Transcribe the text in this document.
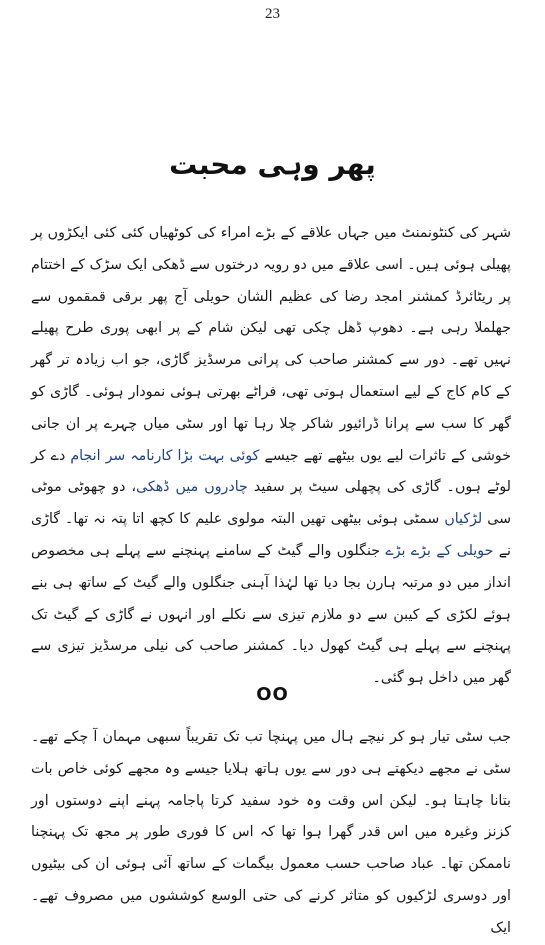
23
پھر وہی محبت

شہر کی کنٹونمنٹ میں جہاں علاقے کے بڑے امراء کی کوٹھیاں کئی کئی ایکڑوں پر پھیلی ہوئی ہیں۔ اسی علاقے میں دو رویہ درختوں سے ڈھکی ایک سڑک کے اختتام پر ریٹائرڈ کمشنر امجد رضا کی عظیم الشان حویلی آج پھر برقی قمقموں سے جھلملا رہی ہے۔ دھوپ ڈھل چکی تھی لیکن شام کے پر ابھی پوری طرح پھیلے نہیں تھے۔ دور سے کمشنر صاحب کی پرانی مرسڈیز گاڑی، جو اب زیادہ تر گھر کے کام کاج کے لیے استعمال ہوتی تھی، فراٹے بھرتی ہوئی نمودار ہوئی۔ گاڑی کو گھر کا سب سے پرانا ڈرائیور شاکر چلا رہا تھا اور سٹی میاں چہرے پر ان جانی خوشی کے تاثرات لیے یوں بیٹھے تھے جیسے کوئی بہت بڑا کارنامہ سر انجام دے کر لوٹے ہوں۔ گاڑی کی پچھلی سیٹ پر سفید چادروں میں ڈھکی، دو چھوٹی موٹی سی لڑکیاں سمٹی ہوئی بیٹھی تھیں البتہ مولوی علیم کا کچھ اتا پتہ نہ تھا۔ گاڑی نے حویلی کے بڑے بڑے جنگلوں والے گیٹ کے سامنے پہنچنے سے پہلے ہی مخصوص انداز میں دو مرتبہ ہارن بجا دیا تھا لہٰذا آہنی جنگلوں والے گیٹ کے ساتھ ہی بنے ہوئے لکڑی کے کیبن سے دو ملازم تیزی سے نکلے اور انہوں نے گاڑی کے گیٹ تک پہنچنے سے پہلے ہی گیٹ کھول دیا۔ کمشنر صاحب کی نیلی مرسڈیز تیزی سے گھر میں داخل ہو گئی۔

OO

جب سٹی تیار ہو کر نیچے ہال میں پہنچا تب تک تقریباً سبھی مہمان آ چکے تھے۔ سٹی نے مجھے دیکھتے ہی دور سے یوں ہاتھ ہلایا جیسے وہ مجھے کوئی خاص بات بتانا چاہتا ہو۔ لیکن اس وقت وہ خود سفید کرتا پاجامہ پہنے اپنے دوستوں اور کزنز وغیرہ میں اس قدر گھرا ہوا تھا کہ اس کا فوری طور پر مجھ تک پہنچنا ناممکن تھا۔ عباد صاحب حسب معمول بیگمات کے ساتھ آئی ہوئی ان کی بیٹیوں اور دوسری لڑکیوں کو متاثر کرنے کی حتی الوسع کوششوں میں مصروف تھے۔ ایک
